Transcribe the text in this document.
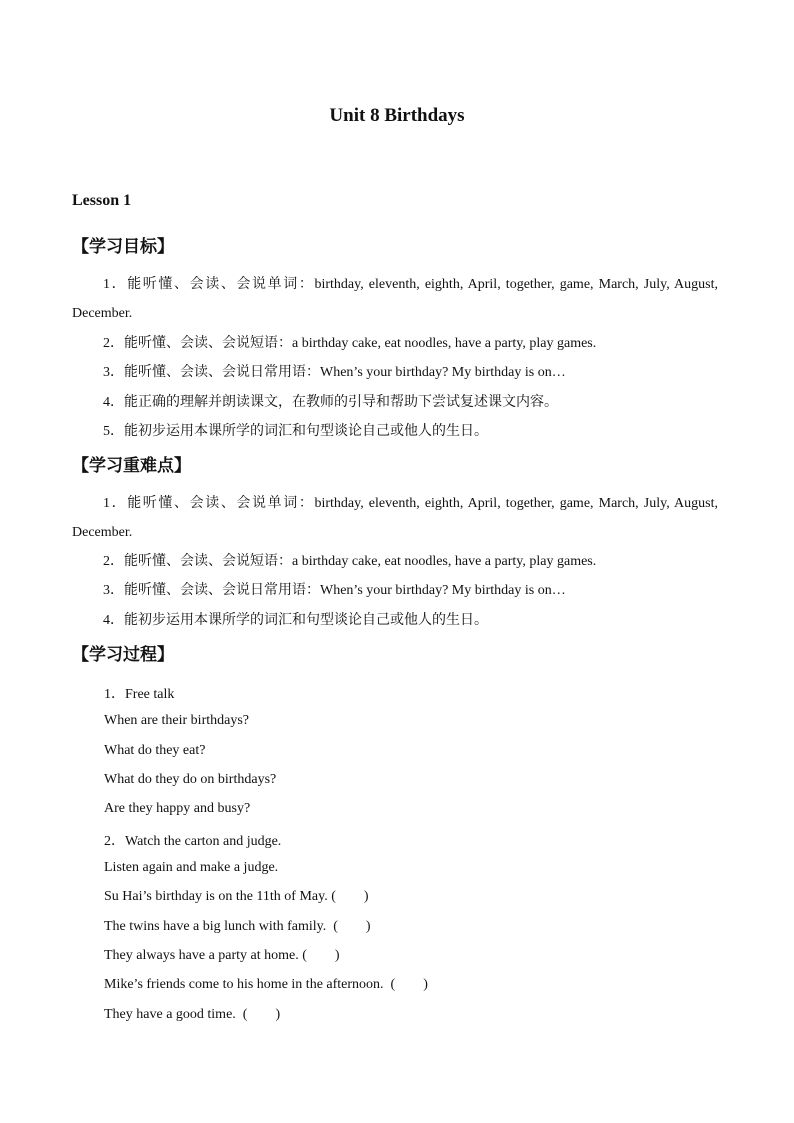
Unit 8 Birthdays
Lesson 1
【学习目标】
1．能听懂、会读、会说单词：birthday, eleventh, eighth, April, together, game, March, July, August, December.
2．能听懂、会读、会说短语：a birthday cake, eat noodles, have a party, play games.
3．能听懂、会读、会说日常用语：When’s your birthday? My birthday is on…
4．能正确的理解并朗读课文，在教师的引导和帮助下尝试复述课文内容。
5．能初步运用本课所学的词汇和句型谈论自己或他人的生日。
【学习重难点】
1．能听懂、会读、会说单词：birthday, eleventh, eighth, April, together, game, March, July, August, December.
2．能听懂、会读、会说短语：a birthday cake, eat noodles, have a party, play games.
3．能听懂、会读、会说日常用语：When’s your birthday? My birthday is on…
4．能初步运用本课所学的词汇和句型谈论自己或他人的生日。
【学习过程】
1．Free talk
When are their birthdays?
What do they eat?
What do they do on birthdays?
Are they happy and busy?
2．Watch the carton and judge.
Listen again and make a judge.
Su Hai’s birthday is on the 11th of May. (        )
The twins have a big lunch with family.  (        )
They always have a party at home. (        )
Mike’s friends come to his home in the afternoon.  (        )
They have a good time.  (        )
